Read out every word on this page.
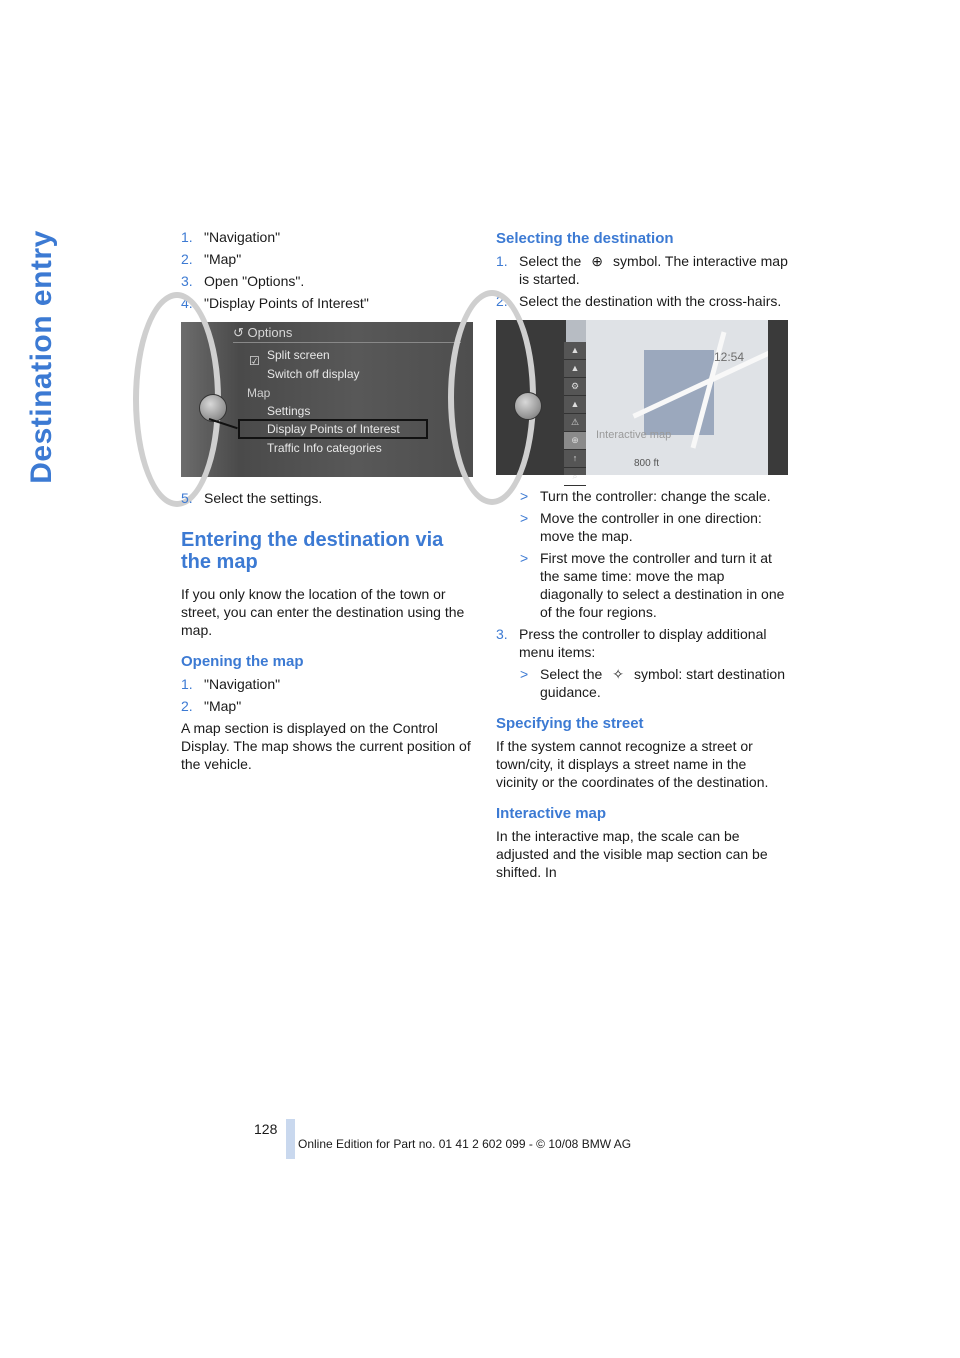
Destination entry	1. "Navigation"
2. "Map"
3. Open "Options".
4. "Display Points of Interest"
↺ Options
☑ Split screen
Switch off display
Map
Settings
Display Points of Interest
Traffic Info categories
5. Select the settings.
Entering the destination via the map
If you only know the location of the town or street, you can enter the destination using the map.
Opening the map
1. "Navigation"
2. "Map"
A map section is displayed on the Control Display. The map shows the current position of the vehicle.
Selecting the destination
1. Select the ⊕ symbol. The interactive map is started.
2. Select the destination with the cross-hairs.
▲
▲
⚙
▲
⚠
⊕
↑
⌕
Interactive map
12:54
800 ft
> Turn the controller: change the scale.
> Move the controller in one direction: move the map.
> First move the controller and turn it at the same time: move the map diagonally to select a destination in one of the four regions.
3. Press the controller to display additional menu items:
> Select the ✧ symbol: start destination guidance.
Specifying the street
If the system cannot recognize a street or town/city, it displays a street name in the vicinity or the coordinates of the destination.
Interactive map
In the interactive map, the scale can be adjusted and the visible map section can be shifted. In
128
Online Edition for Part no. 01 41 2 602 099 - © 10/08 BMW AG
